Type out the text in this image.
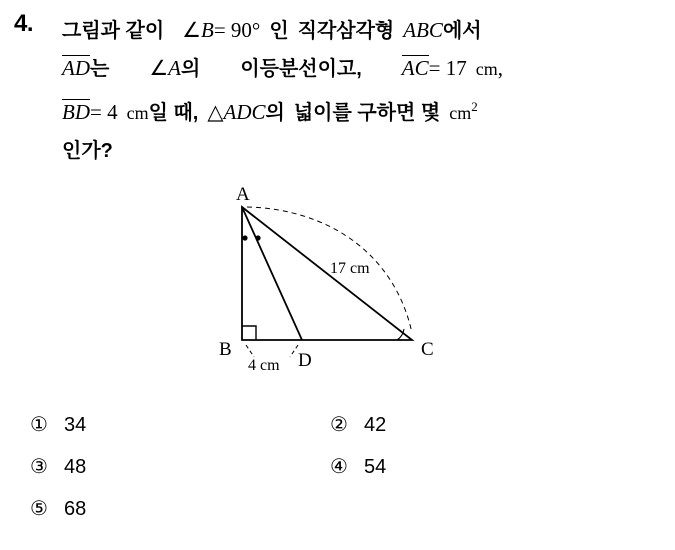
4. 그림과 같이 ∠B= 90° 인 직각삼각형 ABC에서
AD는 ∠A의 이등분선이고, AC= 17 cm,
BD= 4 cm일 때, △ADC의 넓이를 구하면 몇 $cm^2$
인가?
A
B
D
C
17 cm
4 cm
① 34	② 42
③ 48	④ 54
⑤ 68
